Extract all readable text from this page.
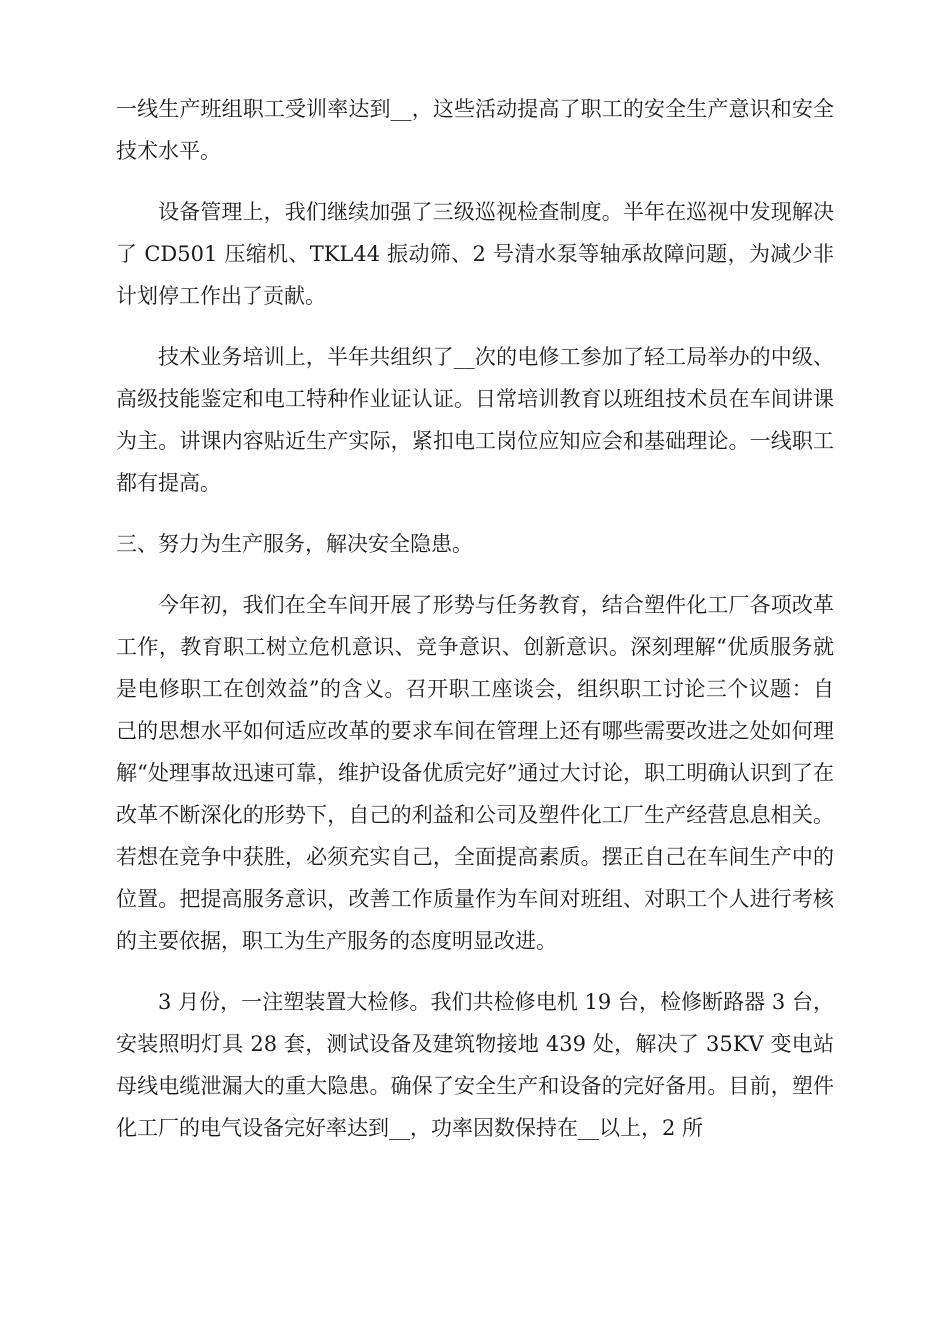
一线生产班组职工受训率达到__，这些活动提高了职工的安全生产意识和安全技术水平。

设备管理上，我们继续加强了三级巡视检查制度。半年在巡视中发现解决了 CD501 压缩机、TKL44 振动筛、2 号清水泵等轴承故障问题，为减少非计划停工作出了贡献。

技术业务培训上，半年共组织了__次的电修工参加了轻工局举办的中级、高级技能鉴定和电工特种作业证认证。日常培训教育以班组技术员在车间讲课为主。讲课内容贴近生产实际，紧扣电工岗位应知应会和基础理论。一线职工都有提高。

三、努力为生产服务，解决安全隐患。

今年初，我们在全车间开展了形势与任务教育，结合塑件化工厂各项改革工作，教育职工树立危机意识、竞争意识、创新意识。深刻理解“优质服务就是电修职工在创效益”的含义。召开职工座谈会，组织职工讨论三个议题：自己的思想水平如何适应改革的要求车间在管理上还有哪些需要改进之处如何理解“处理事故迅速可靠，维护设备优质完好”通过大讨论，职工明确认识到了在改革不断深化的形势下，自己的利益和公司及塑件化工厂生产经营息息相关。若想在竞争中获胜，必须充实自己，全面提高素质。摆正自己在车间生产中的位置。把提高服务意识，改善工作质量作为车间对班组、对职工个人进行考核的主要依据，职工为生产服务的态度明显改进。

3 月份，一注塑装置大检修。我们共检修电机 19 台，检修断路器 3 台，安装照明灯具 28 套，测试设备及建筑物接地 439 处，解决了 35KV 变电站母线电缆泄漏大的重大隐患。确保了安全生产和设备的完好备用。目前，塑件化工厂的电气设备完好率达到__，功率因数保持在__以上，2 所
